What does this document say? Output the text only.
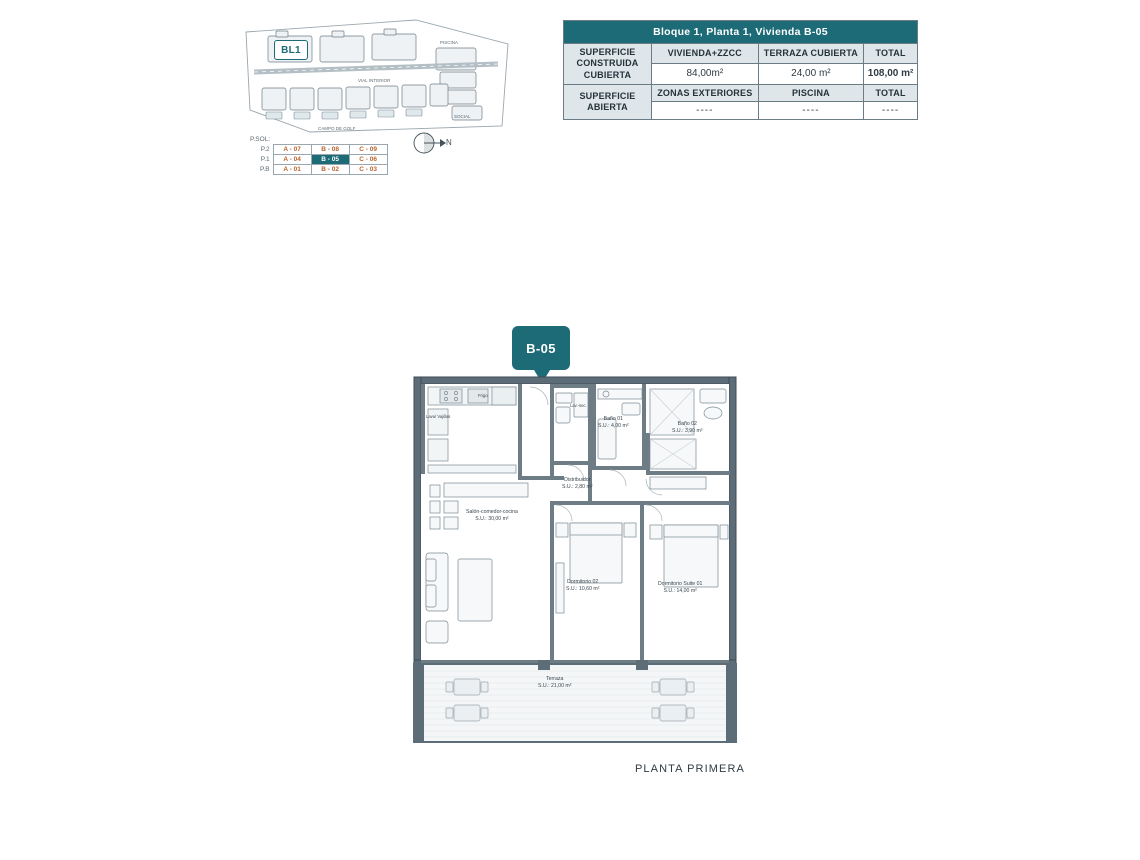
VIAL INTERIOR
CAMPO DE GOLF
SOCIAL
PISCINA
BL1
P.SOL:			
P.2	A - 07	B - 08	C - 09
P.1	A - 04	B - 05	C - 06
P.B	A - 01	B - 02	C - 03
N
Bloque 1, Planta 1, Vivienda B-05			
SUPERFICIE CONSTRUIDA CUBIERTA	VIVIENDA+ZZCC	TERRAZA CUBIERTA	TOTAL
	84,00m²	24,00 m²	108,00 m²
SUPERFICIE ABIERTA	ZONAS EXTERIORES	PISCINA	TOTAL
	----	----	----
B-05
Salón-comedor-cocina
S.U.: 30,00 m²
Distribuidor
S.U.: 2,80 m²
Baño 01
S.U.: 4,00 m²	Baño 02
S.U.: 3,90 m²
Dormitorio 02
S.U.: 10,60 m²
Dormitorio Suite 01
S.U.: 14,00 m²
Terraza
S.U.: 21,00 m²
Lava/ Vajillas
Frigo.
Lav.-sec.
PLANTA PRIMERA
